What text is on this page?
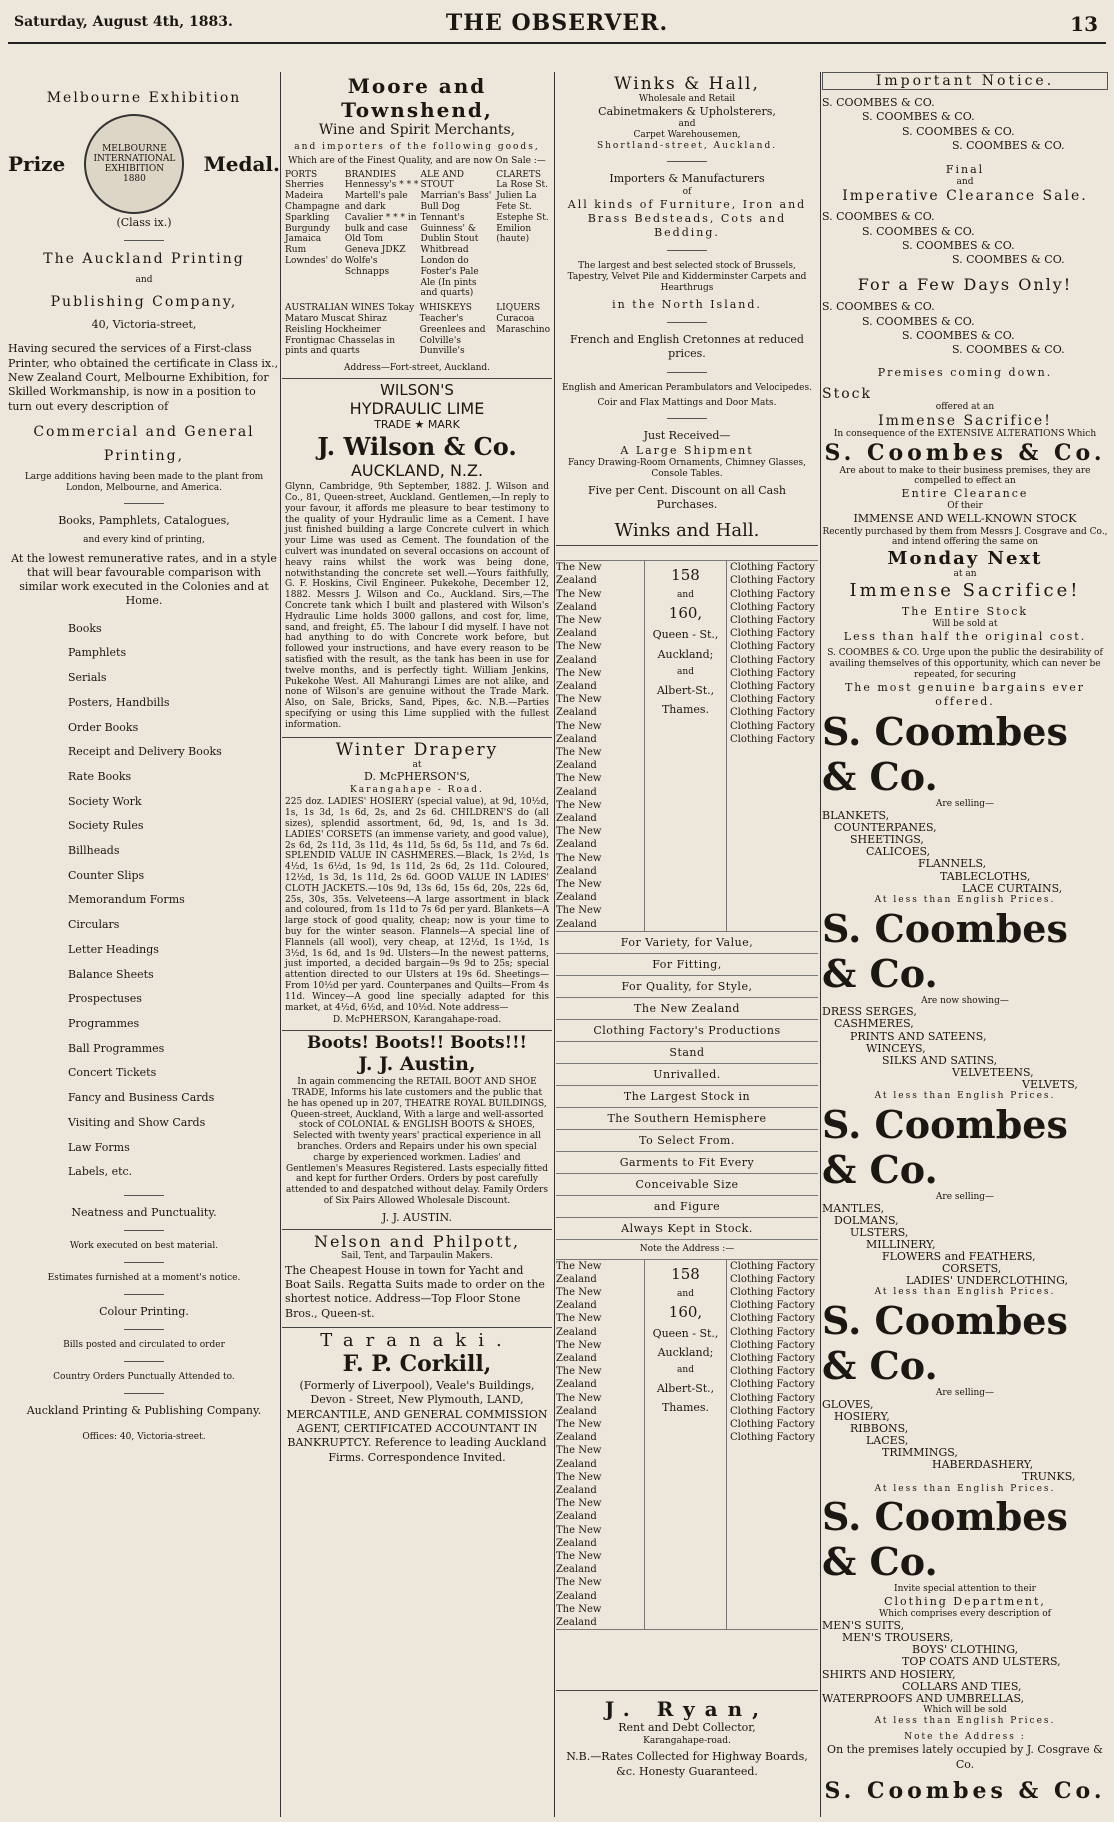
Saturday, August 4th, 1883.	THE OBSERVER.	13
Melbourne Exhibition
Prize
MELBOURNE INTERNATIONAL EXHIBITION 1880
Medal.
(Class ix.)
The Auckland Printing
and
Publishing Company,
40, Victoria-street,

Having secured the services of a First-class Printer, who obtained the certificate in Class ix., New Zealand Court, Melbourne Exhibition, for Skilled Workmanship, is now in a position to turn out every description of

Commercial and General
Printing,

Large additions having been made to the plant from London, Melbourne, and America.

Books, Pamphlets, Catalogues,
and every kind of printing,

At the lowest remunerative rates, and in a style that will bear favourable comparison with similar work executed in the Colonies and at Home.

Books
Pamphlets
Serials
Posters, Handbills
Order Books
Receipt and Delivery Books
Rate Books
Society Work
Society Rules
Billheads
Counter Slips
Memorandum Forms
Circulars
Letter Headings
Balance Sheets
Prospectuses
Programmes
Ball Programmes
Concert Tickets
Fancy and Business Cards
Visiting and Show Cards
Law Forms
Labels, etc.
Neatness and Punctuality.
Work executed on best material.
Estimates furnished at a moment's notice.
Colour Printing.
Bills posted and circulated to order
Country Orders Punctually Attended to.
Auckland Printing & Publishing Company.
Offices: 40, Victoria-street.
Moore and Townshend,
Wine and Spirit Merchants,
and importers of the following goods,
Which are of the Finest Quality, and are now On Sale :—
PORTS Sherries Madeira Champagne Sparkling Burgundy Jamaica Rum Lowndes' do
BRANDIES Hennessy's * * * Martell's pale and dark Cavalier * * * in bulk and case Old Tom Geneva JDKZ Wolfe's Schnapps
ALE AND STOUT Marrian's Bass' Bull Dog Tennant's Guinness' & Dublin Stout Whitbread London do Foster's Pale Ale (In pints and quarts)
CLARETS La Rose St. Julien La Fete St. Estephe St. Emilion (haute)
AUSTRALIAN WINES Tokay Mataro Muscat Shiraz Reisling Hockheimer Frontignac Chasselas in pints and quarts
WHISKEYS Teacher's Greenlees and Colville's Dunville's
LIQUERS Curacoa Maraschino
Address—Fort-street, Auckland.
WILSON'S
HYDRAULIC LIME
TRADE ★ MARK
J. Wilson & Co.
AUCKLAND, N.Z.

Glynn, Cambridge, 9th September, 1882. J. Wilson and Co., 81, Queen-street, Auckland. Gentlemen,—In reply to your favour, it affords me pleasure to bear testimony to the quality of your Hydraulic lime as a Cement. I have just finished building a large Concrete culvert in which your Lime was used as Cement. The foundation of the culvert was inundated on several occasions on account of heavy rains whilst the work was being done, notwithstanding the concrete set well.—Yours faithfully, G. F. Hoskins, Civil Engineer. Pukekohe, December 12, 1882. Messrs J. Wilson and Co., Auckland. Sirs,—The Concrete tank which I built and plastered with Wilson's Hydraulic Lime holds 3000 gallons, and cost for, lime, sand, and freight, £5. The labour I did myself. I have not had anything to do with Concrete work before, but followed your instructions, and have every reason to be satisfied with the result, as the tank has been in use for twelve months, and is perfectly tight. William Jenkins, Pukekohe West. All Mahurangi Limes are not alike, and none of Wilson's are genuine without the Trade Mark. Also, on Sale, Bricks, Sand, Pipes, &c. N.B.—Parties specifying or using this Lime supplied with the fullest information.

Winter Drapery
at
D. McPHERSON'S,
Karangahape - Road.

225 doz. LADIES' HOSIERY (special value), at 9d, 10½d, 1s, 1s 3d, 1s 6d, 2s, and 2s 6d. CHILDREN'S do (all sizes), splendid assortment, 6d, 9d, 1s, and 1s 3d. LADIES' CORSETS (an immense variety, and good value), 2s 6d, 2s 11d, 3s 11d, 4s 11d, 5s 6d, 5s 11d, and 7s 6d. SPLENDID VALUE IN CASHMERES.—Black, 1s 2½d, 1s 4½d, 1s 6½d, 1s 9d, 1s 11d, 2s 6d, 2s 11d. Coloured, 12½d, 1s 3d, 1s 11d, 2s 6d. GOOD VALUE IN LADIES' CLOTH JACKETS.—10s 9d, 13s 6d, 15s 6d, 20s, 22s 6d, 25s, 30s, 35s. Velveteens—A large assortment in black and coloured, from 1s 11d to 7s 6d per yard. Blankets—A large stock of good quality, cheap; now is your time to buy for the winter season. Flannels—A special line of Flannels (all wool), very cheap, at 12½d, 1s 1½d, 1s 3½d, 1s 6d, and 1s 9d. Ulsters—In the newest patterns, just imported, a decided bargain—9s 9d to 25s; special attention directed to our Ulsters at 19s 6d. Sheetings—From 10½d per yard. Counterpanes and Quilts—From 4s 11d. Wincey—A good line specially adapted for this market, at 4½d, 6½d, and 10½d. Note address—

D. McPHERSON, Karangahape-road.
Boots! Boots!! Boots!!!
J. J. Austin,

In again commencing the RETAIL BOOT AND SHOE TRADE, Informs his late customers and the public that he has opened up in 207, THEATRE ROYAL BUILDINGS, Queen-street, Auckland, With a large and well-assorted stock of COLONIAL & ENGLISH BOOTS & SHOES, Selected with twenty years' practical experience in all branches. Orders and Repairs under his own special charge by experienced workmen. Ladies' and Gentlemen's Measures Registered. Lasts especially fitted and kept for further Orders. Orders by post carefully attended to and despatched without delay. Family Orders of Six Pairs Allowed Wholesale Discount.

J. J. AUSTIN.
Nelson and Philpott,
Sail, Tent, and Tarpaulin Makers.

The Cheapest House in town for Yacht and Boat Sails. Regatta Suits made to order on the shortest notice. Address—Top Floor Stone Bros., Queen-st.

Taranaki.
F. P. Corkill,

(Formerly of Liverpool), Veale's Buildings, Devon - Street, New Plymouth, LAND, MERCANTILE, AND GENERAL COMMISSION AGENT, CERTIFICATED ACCOUNTANT IN BANKRUPTCY. Reference to leading Auckland Firms. Correspondence Invited.

Winks & Hall,
Wholesale and Retail
Cabinetmakers & Upholsterers,
and
Carpet Warehousemen,
Shortland-street, Auckland.
Importers & Manufacturers
of
All kinds of Furniture, Iron and Brass Bedsteads, Cots and Bedding.
The largest and best selected stock of Brussels, Tapestry, Velvet Pile and Kidderminster Carpets and Hearthrugs
in the North Island.
French and English Cretonnes at reduced prices.
English and American Perambulators and Velocipedes.
Coir and Flax Mattings and Door Mats.
Just Received—
A Large Shipment
Fancy Drawing-Room Ornaments, Chimney Glasses, Console Tables.
Five per Cent. Discount on all Cash Purchases.
Winks and Hall.
The New Zealand
The New Zealand
The New Zealand
The New Zealand
The New Zealand
The New Zealand
The New Zealand
The New Zealand
The New Zealand
The New Zealand
The New Zealand
The New Zealand
The New Zealand
The New Zealand
158
and
160,
Queen - St.,
Auckland;
and
Albert-St.,
Thames.
Clothing Factory
Clothing Factory
Clothing Factory
Clothing Factory
Clothing Factory
Clothing Factory
Clothing Factory
Clothing Factory
Clothing Factory
Clothing Factory
Clothing Factory
Clothing Factory
Clothing Factory
Clothing Factory
For Variety, for Value,
For Fitting,
For Quality, for Style,
The New Zealand
Clothing Factory's Productions
Stand
Unrivalled.
The Largest Stock in
The Southern Hemisphere
To Select From.
Garments to Fit Every
Conceivable Size
and Figure
Always Kept in Stock.
Note the Address :—
The New Zealand
The New Zealand
The New Zealand
The New Zealand
The New Zealand
The New Zealand
The New Zealand
The New Zealand
The New Zealand
The New Zealand
The New Zealand
The New Zealand
The New Zealand
The New Zealand
158
and
160,
Queen - St.,
Auckland;
and
Albert-St.,
Thames.
Clothing Factory
Clothing Factory
Clothing Factory
Clothing Factory
Clothing Factory
Clothing Factory
Clothing Factory
Clothing Factory
Clothing Factory
Clothing Factory
Clothing Factory
Clothing Factory
Clothing Factory
Clothing Factory
J. Ryan,
Rent and Debt Collector,
Karangahape-road.
N.B.—Rates Collected for Highway Boards, &c. Honesty Guaranteed.
Important Notice.
S. COOMBES & CO.
S. COOMBES & CO.
S. COOMBES & CO.
S. COOMBES & CO.
Final
and
Imperative Clearance Sale.
S. COOMBES & CO.
S. COOMBES & CO.
S. COOMBES & CO.
S. COOMBES & CO.
For a Few Days Only!
S. COOMBES & CO.
S. COOMBES & CO.
S. COOMBES & CO.
S. COOMBES & CO.
Premises coming down.
Stock
offered at an
Immense Sacrifice!
In consequence of the EXTENSIVE ALTERATIONS Which
S. Coombes & Co.
Are about to make to their business premises, they are compelled to effect an
Entire Clearance
Of their
IMMENSE AND WELL-KNOWN STOCK
Recently purchased by them from Messrs J. Cosgrave and Co., and intend offering the same on
Monday Next
at an
Immense Sacrifice!
The Entire Stock
Will be sold at
Less than half the original cost.
S. COOMBES & CO. Urge upon the public the desirability of availing themselves of this opportunity, which can never be repeated, for securing
The most genuine bargains ever offered.
S. Coombes & Co.
Are selling—
BLANKETS,
COUNTERPANES,
SHEETINGS,
CALICOES,
FLANNELS,
TABLECLOTHS,
LACE CURTAINS,
At less than English Prices.
S. Coombes & Co.
Are now showing—
DRESS SERGES,
CASHMERES,
PRINTS AND SATEENS,
WINCEYS,
SILKS AND SATINS,
VELVETEENS,
VELVETS,
At less than English Prices.
S. Coombes & Co.
Are selling—
MANTLES,
DOLMANS,
ULSTERS,
MILLINERY,
FLOWERS and FEATHERS,
CORSETS,
LADIES' UNDERCLOTHING,
At less than English Prices.
S. Coombes & Co.
Are selling—
GLOVES,
HOSIERY,
RIBBONS,
LACES,
TRIMMINGS,
HABERDASHERY,
TRUNKS,
At less than English Prices.
S. Coombes & Co.
Invite special attention to their
Clothing Department,
Which comprises every description of
MEN'S SUITS,
MEN'S TROUSERS,
BOYS' CLOTHING,
TOP COATS AND ULSTERS,
SHIRTS AND HOSIERY,
COLLARS AND TIES,
WATERPROOFS AND UMBRELLAS,
Which will be sold
At less than English Prices.
Note the Address :
On the premises lately occupied by J. Cosgrave & Co.
S. Coombes & Co.
